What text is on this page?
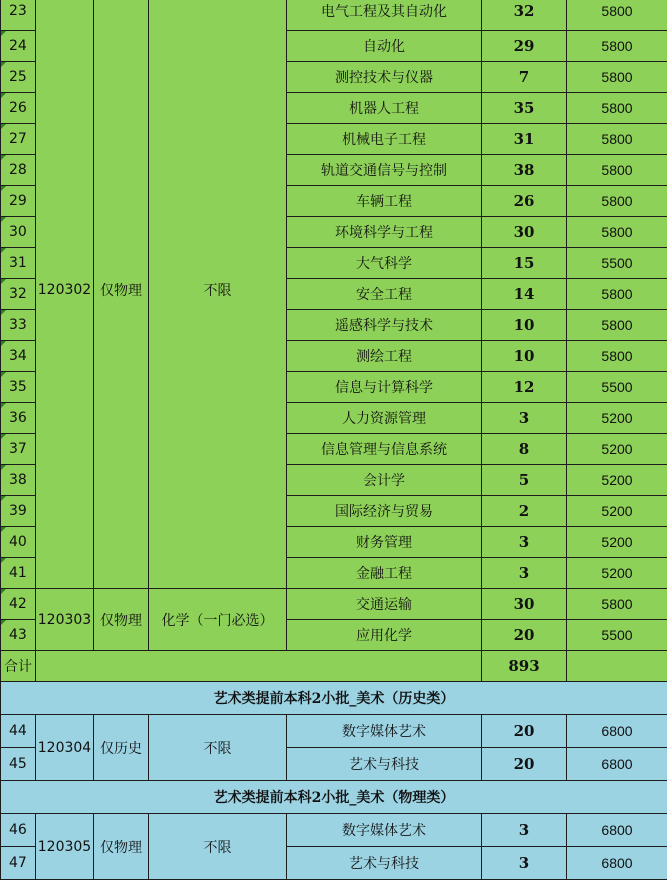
23	120302	仅物理	不限	电气工程及其自动化	32	5800
24				自动化	29	5800
25				测控技术与仪器	7	5800
26				机器人工程	35	5800
27				机械电子工程	31	5800
28				轨道交通信号与控制	38	5800
29				车辆工程	26	5800
30				环境科学与工程	30	5800
31				大气科学	15	5500
32				安全工程	14	5800
33				遥感科学与技术	10	5800
34				测绘工程	10	5800
35				信息与计算科学	12	5500
36				人力资源管理	3	5200
37				信息管理与信息系统	8	5200
38				会计学	5	5200
39				国际经济与贸易	2	5200
40				财务管理	3	5200
41				金融工程	3	5200
42	120303	仅物理	化学（一门必选）	交通运输	30	5800
43				应用化学	20	5500
合计					893	
艺术类提前本科2小批_美术（历史类）						
44	120304	仅历史	不限	数字媒体艺术	20	6800
45				艺术与科技	20	6800
艺术类提前本科2小批_美术（物理类）						
46	120305	仅物理	不限	数字媒体艺术	3	6800
47				艺术与科技	3	6800
